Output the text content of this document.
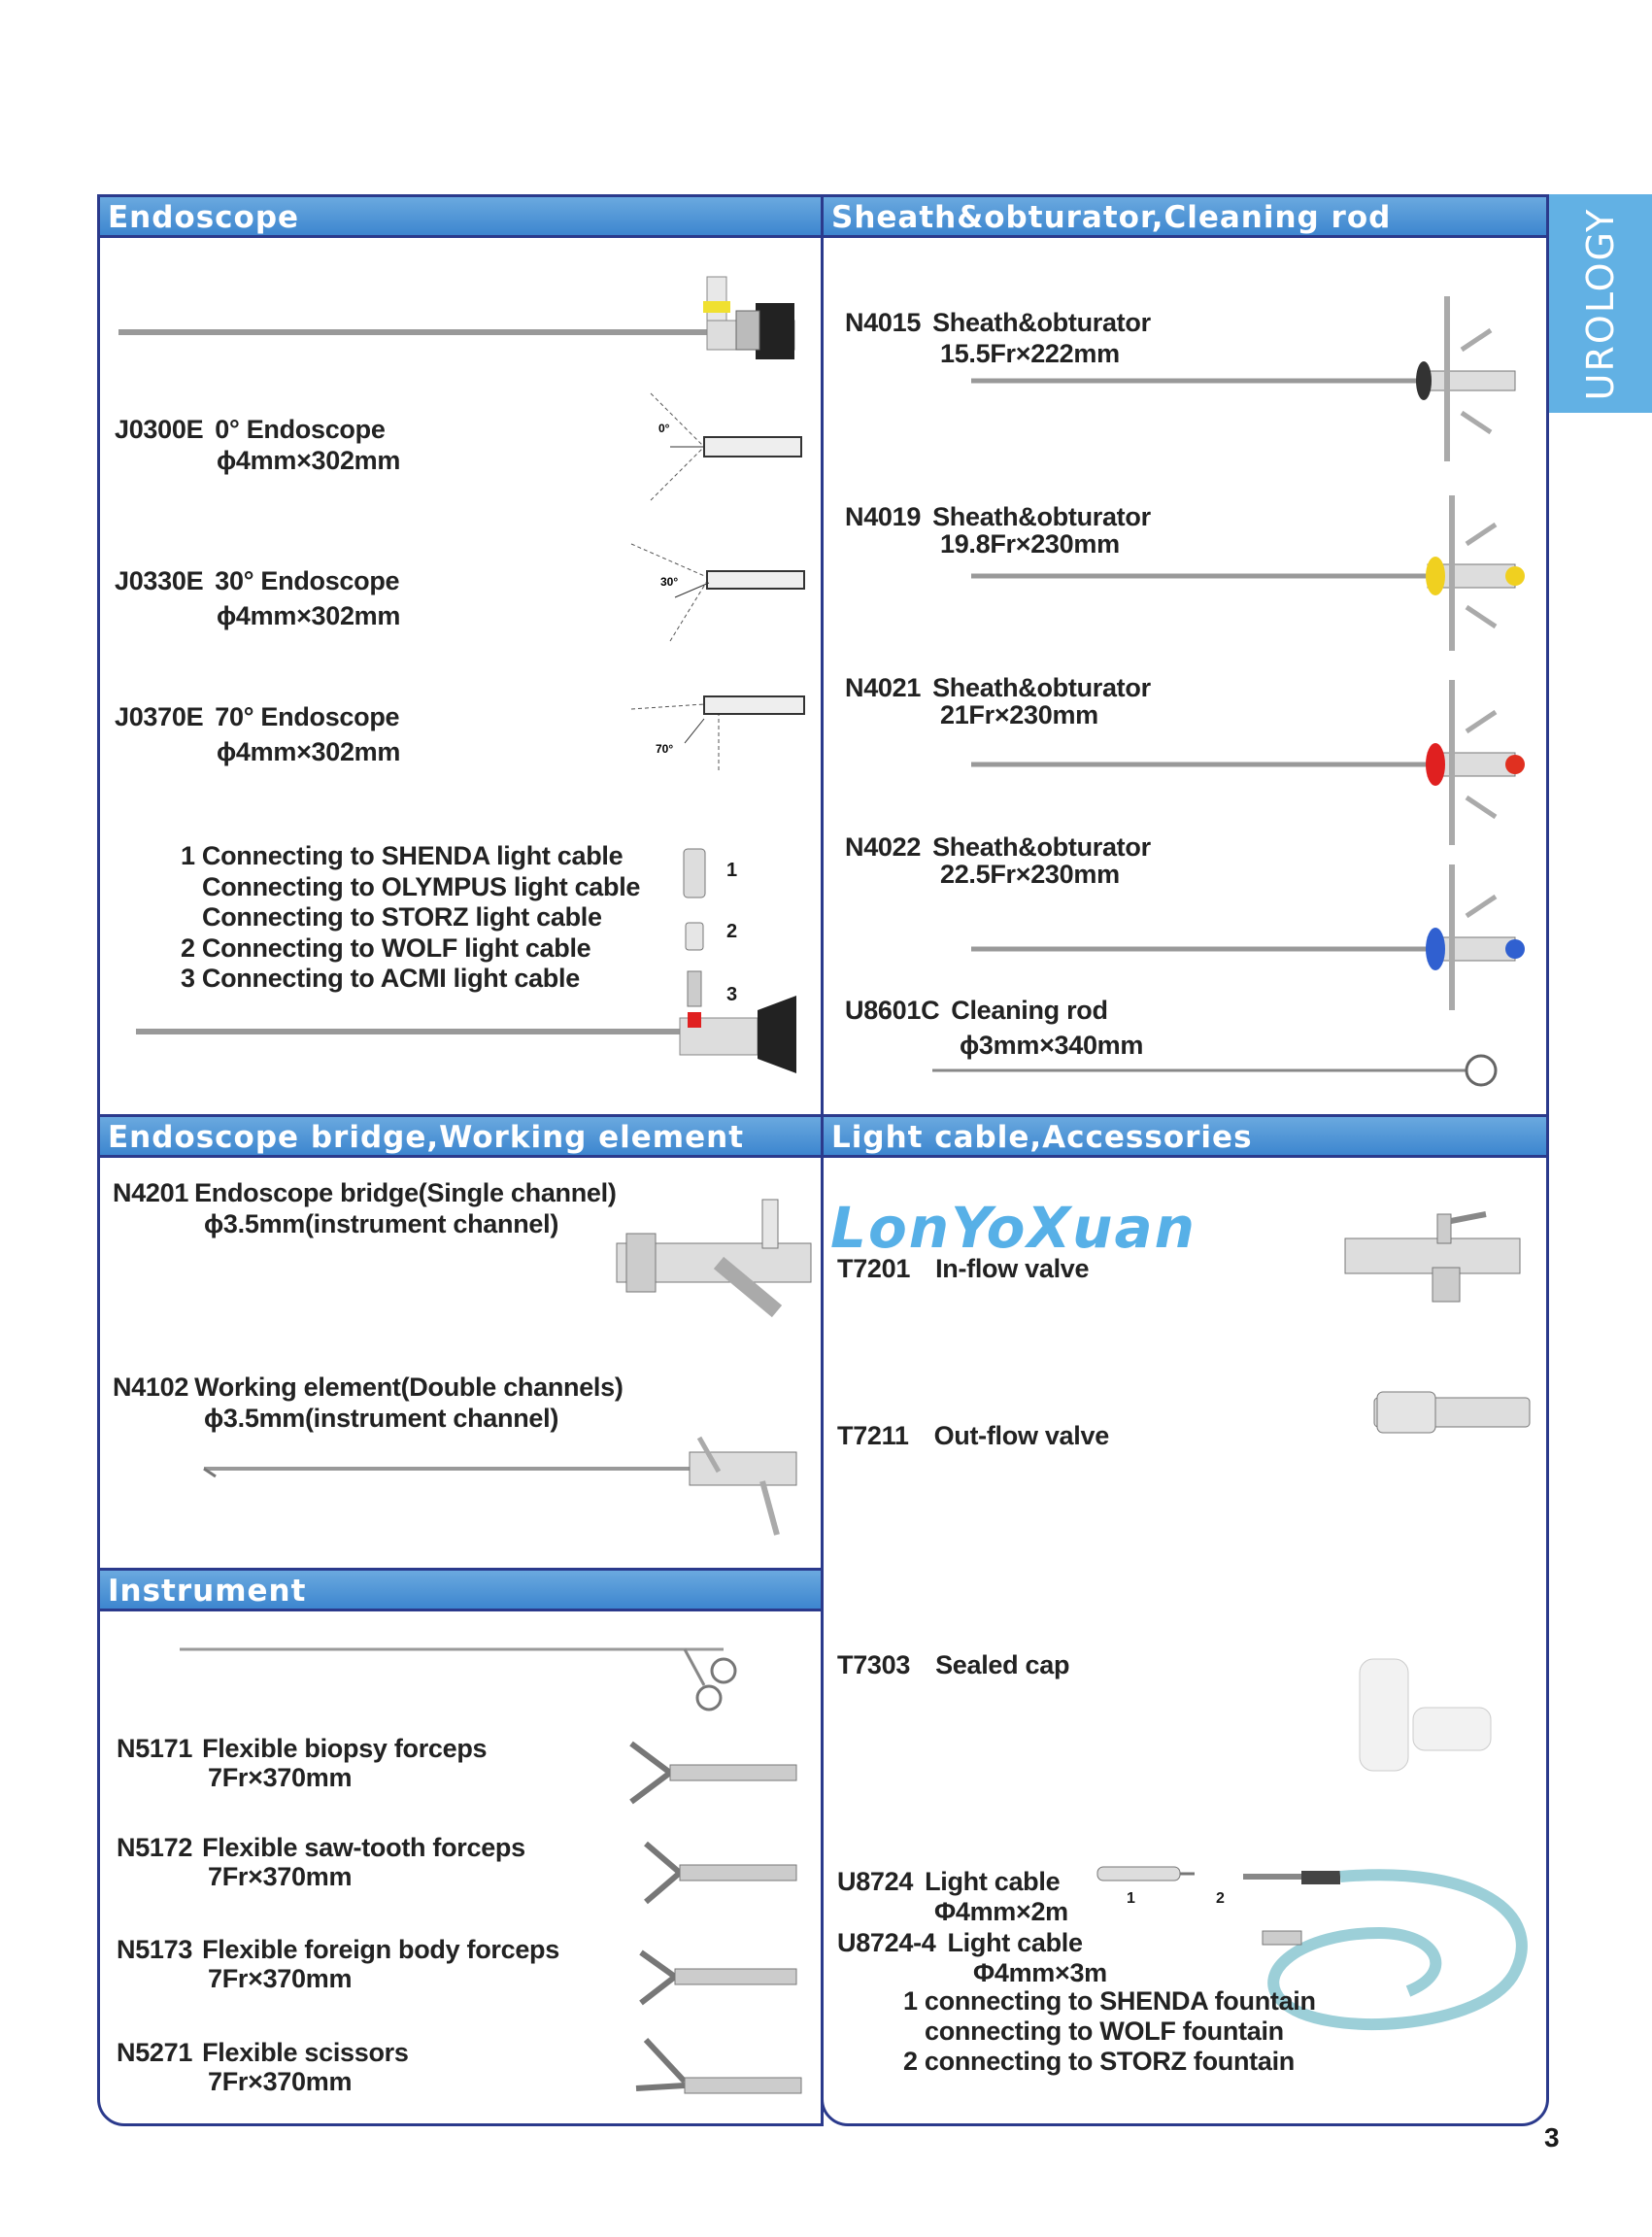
UROLOGY
Endoscope
J0300E 0° Endoscope
ϕ4mm×302mm
0°
J0330E 30° Endoscope
ϕ4mm×302mm
30°
J0370E 70° Endoscope
ϕ4mm×302mm	70°
1 Connecting to SHENDA light cable
Connecting to OLYMPUS light cable
Connecting to STORZ light cable
2 Connecting to WOLF light cable
3 Connecting to ACMI light cable
1
2
3
Sheath&obturator,Cleaning rod
N4015 Sheath&obturator
15.5Fr×222mm
N4019 Sheath&obturator
19.8Fr×230mm
N4021 Sheath&obturator
21Fr×230mm
N4022 Sheath&obturator
22.5Fr×230mm
U8601C Cleaning rod
ϕ3mm×340mm
Endoscope bridge,Working element
N4201 Endoscope bridge(Single channel)
ϕ3.5mm(instrument channel)
N4102 Working element(Double channels)
ϕ3.5mm(instrument channel)
Instrument
N5171 Flexible biopsy forceps
7Fr×370mm
N5172 Flexible saw-tooth forceps
7Fr×370mm
N5173 Flexible foreign body forceps
7Fr×370mm
N5271 Flexible scissors
7Fr×370mm
Light cable,Accessories
LonYoXuan
T7201 In-flow valve
T7211 Out-flow valve
T7303 Sealed cap
U8724 Light cable
Φ4mm×2m
U8724-4 Light cable
Φ4mm×3m
1	2
1 connecting to SHENDA fountain
connecting to WOLF fountain
2 connecting to STORZ fountain
3
